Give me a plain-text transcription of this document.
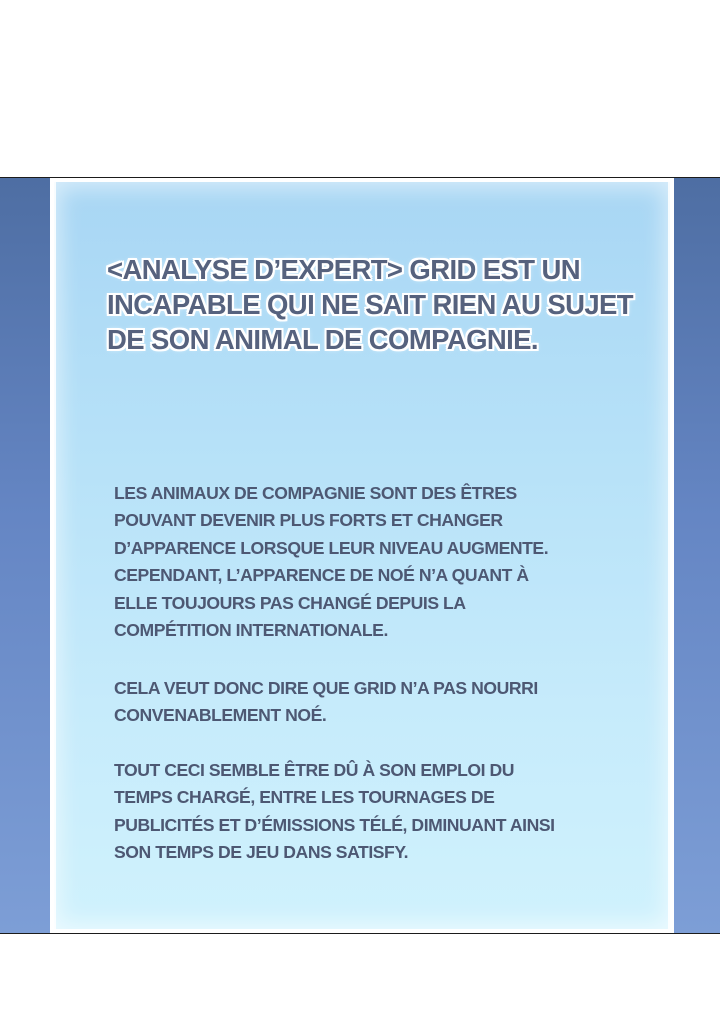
<ANALYSE D’EXPERT> GRID EST UN
INCAPABLE QUI NE SAIT RIEN AU SUJET
DE SON ANIMAL DE COMPAGNIE.

LES ANIMAUX DE COMPAGNIE SONT DES ÊTRES
POUVANT DEVENIR PLUS FORTS ET CHANGER
D’APPARENCE LORSQUE LEUR NIVEAU AUGMENTE.
CEPENDANT, L’APPARENCE DE NOÉ N’A QUANT À
ELLE TOUJOURS PAS CHANGÉ DEPUIS LA
COMPÉTITION INTERNATIONALE.

CELA VEUT DONC DIRE QUE GRID N’A PAS NOURRI
CONVENABLEMENT NOÉ.

TOUT CECI SEMBLE ÊTRE DÛ À SON EMPLOI DU
TEMPS CHARGÉ, ENTRE LES TOURNAGES DE
PUBLICITÉS ET D’ÉMISSIONS TÉLÉ, DIMINUANT AINSI
SON TEMPS DE JEU DANS SATISFY.
